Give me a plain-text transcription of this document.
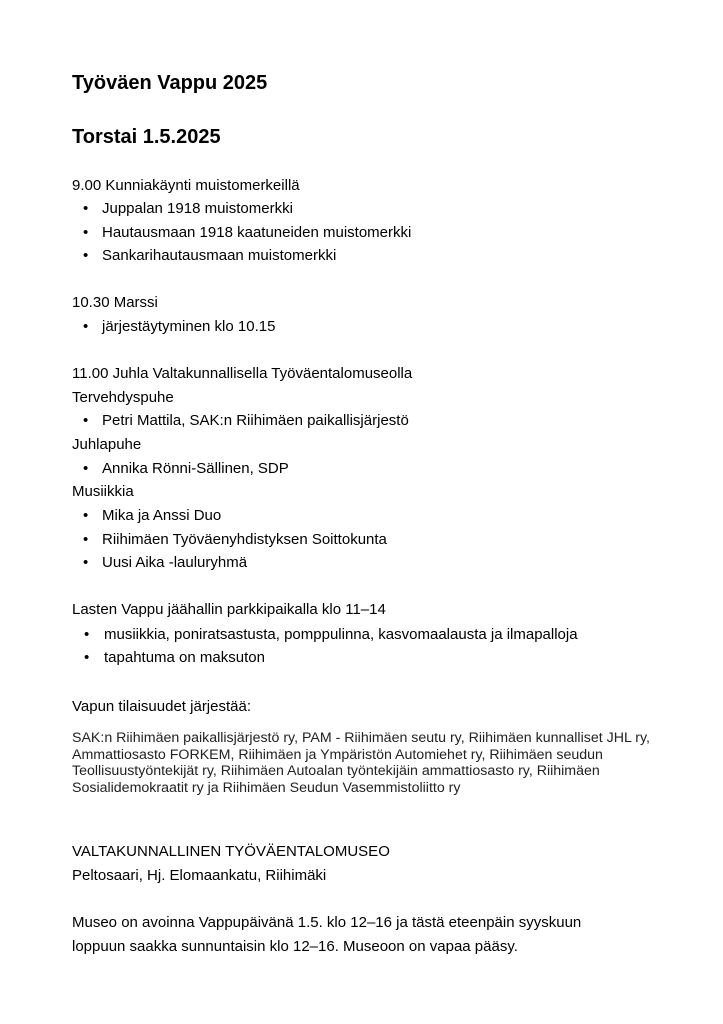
Työväen Vappu 2025
Torstai 1.5.2025
9.00 Kunniakäynti muistomerkeillä
• Juppalan 1918 muistomerkki
• Hautausmaan 1918 kaatuneiden muistomerkki
• Sankarihautausmaan muistomerkki
10.30 Marssi
• järjestäytyminen klo 10.15
11.00 Juhla Valtakunnallisella Työväentalomuseolla
Tervehdyspuhe
• Petri Mattila, SAK:n Riihimäen paikallisjärjestö
Juhlapuhe
• Annika Rönni-Sällinen, SDP
Musiikkia
• Mika ja Anssi Duo
• Riihimäen Työväenyhdistyksen Soittokunta
• Uusi Aika -lauluryhmä
Lasten Vappu jäähallin parkkipaikalla klo 11–14
• musiikkia, poniratsastusta, pomppulinna, kasvomaalausta ja ilmapalloja
• tapahtuma on maksuton
Vapun tilaisuudet järjestää:
SAK:n Riihimäen paikallisjärjestö ry, PAM - Riihimäen seutu ry, Riihimäen kunnalliset JHL ry, Ammattiosasto FORKEM, Riihimäen ja Ympäristön Automiehet ry, Riihimäen seudun Teollisuustyöntekijät ry, Riihimäen Autoalan työntekijäin ammattiosasto ry, Riihimäen Sosialidemokraatit ry ja Riihimäen Seudun Vasemmistoliitto ry
VALTAKUNNALLINEN TYÖVÄENTALOMUSEO
Peltosaari, Hj. Elomaankatu, Riihimäki
Museo on avoinna Vappupäivänä 1.5. klo 12–16 ja tästä eteenpäin syyskuun
loppuun saakka sunnuntaisin klo 12–16. Museoon on vapaa pääsy.
